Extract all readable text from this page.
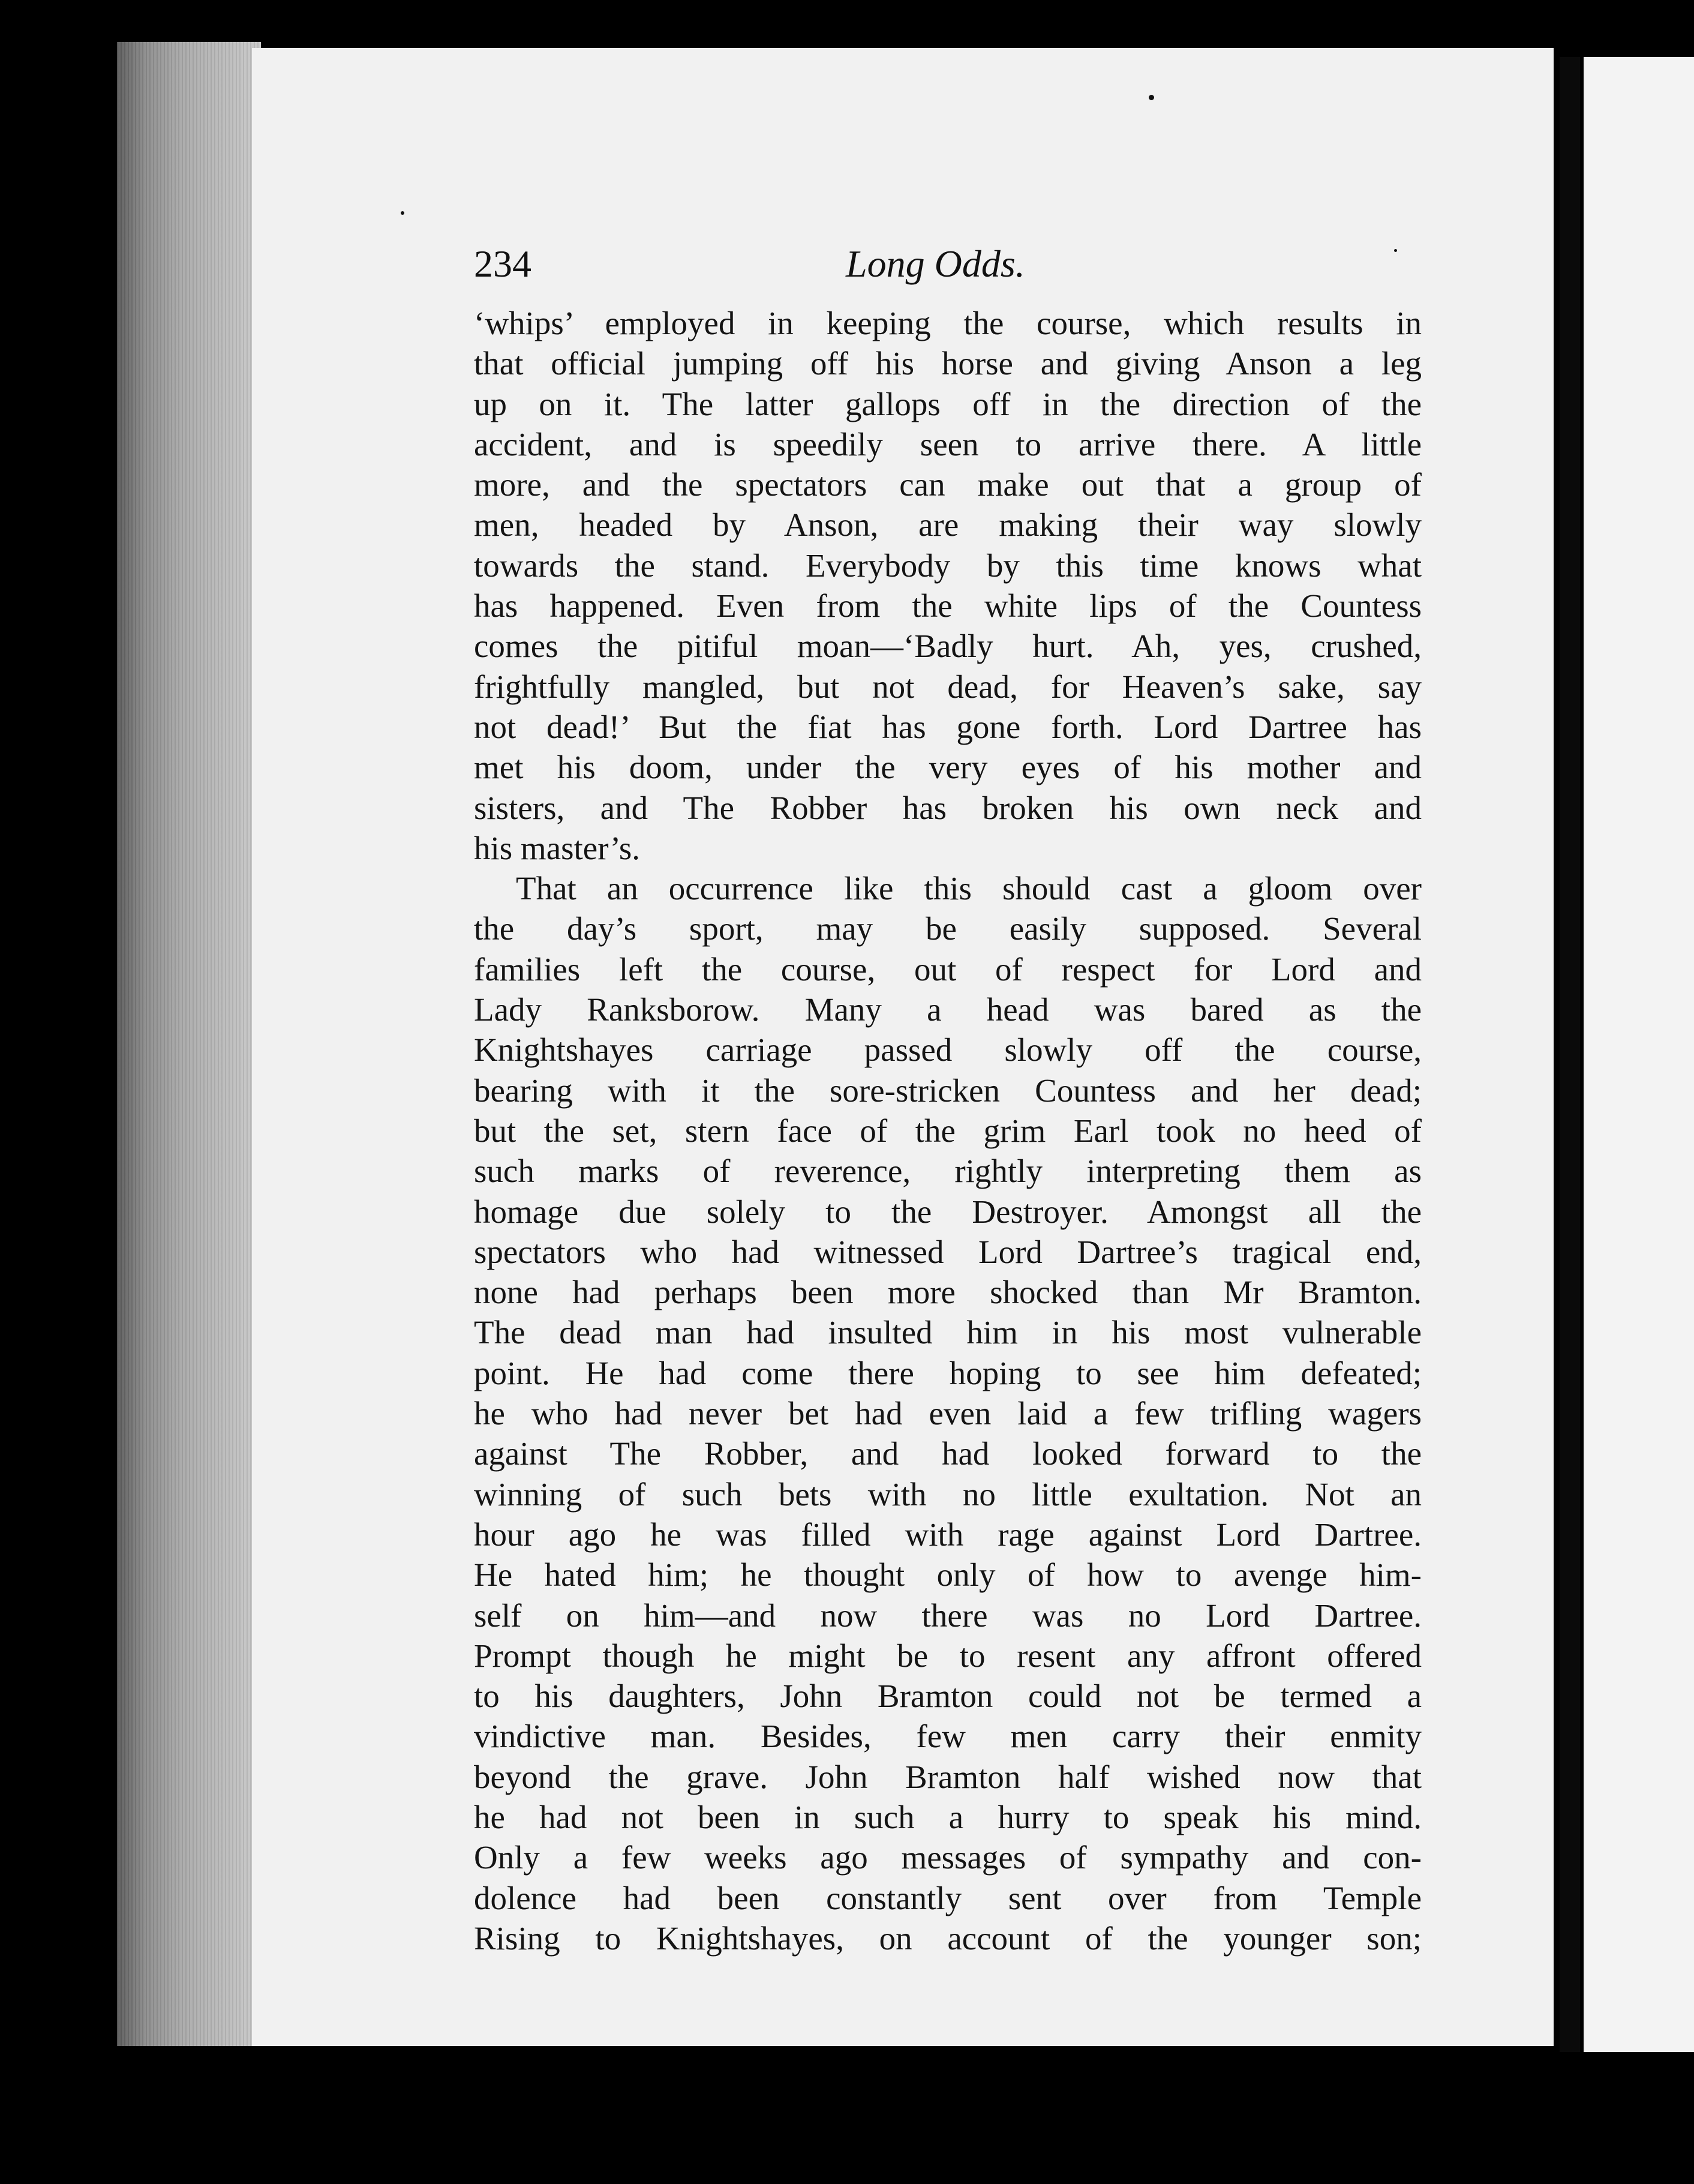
234	Long Odds.
‘whips’ employed in keeping the course, which results in
that official jumping off his horse and giving Anson a leg
up on it. The latter gallops off in the direction of the
accident, and is speedily seen to arrive there. A little
more, and the spectators can make out that a group of
men, headed by Anson, are making their way slowly
towards the stand. Everybody by this time knows what
has happened. Even from the white lips of the Countess
comes the pitiful moan—‘Badly hurt. Ah, yes, crushed,
frightfully mangled, but not dead, for Heaven’s sake, say
not dead!’ But the fiat has gone forth. Lord Dartree has
met his doom, under the very eyes of his mother and
sisters, and The Robber has broken his own neck and
his master’s.
That an occurrence like this should cast a gloom over
the day’s sport, may be easily supposed. Several
families left the course, out of respect for Lord and
Lady Ranksborow. Many a head was bared as the
Knightshayes carriage passed slowly off the course,
bearing with it the sore-stricken Countess and her dead;
but the set, stern face of the grim Earl took no heed of
such marks of reverence, rightly interpreting them as
homage due solely to the Destroyer. Amongst all the
spectators who had witnessed Lord Dartree’s tragical end,
none had perhaps been more shocked than Mr Bramton.
The dead man had insulted him in his most vulnerable
point. He had come there hoping to see him defeated;
he who had never bet had even laid a few trifling wagers
against The Robber, and had looked forward to the
winning of such bets with no little exultation. Not an
hour ago he was filled with rage against Lord Dartree.
He hated him; he thought only of how to avenge him-
self on him—and now there was no Lord Dartree.
Prompt though he might be to resent any affront offered
to his daughters, John Bramton could not be termed a
vindictive man. Besides, few men carry their enmity
beyond the grave. John Bramton half wished now that
he had not been in such a hurry to speak his mind.
Only a few weeks ago messages of sympathy and con-
dolence had been constantly sent over from Temple
Rising to Knightshayes, on account of the younger son;
